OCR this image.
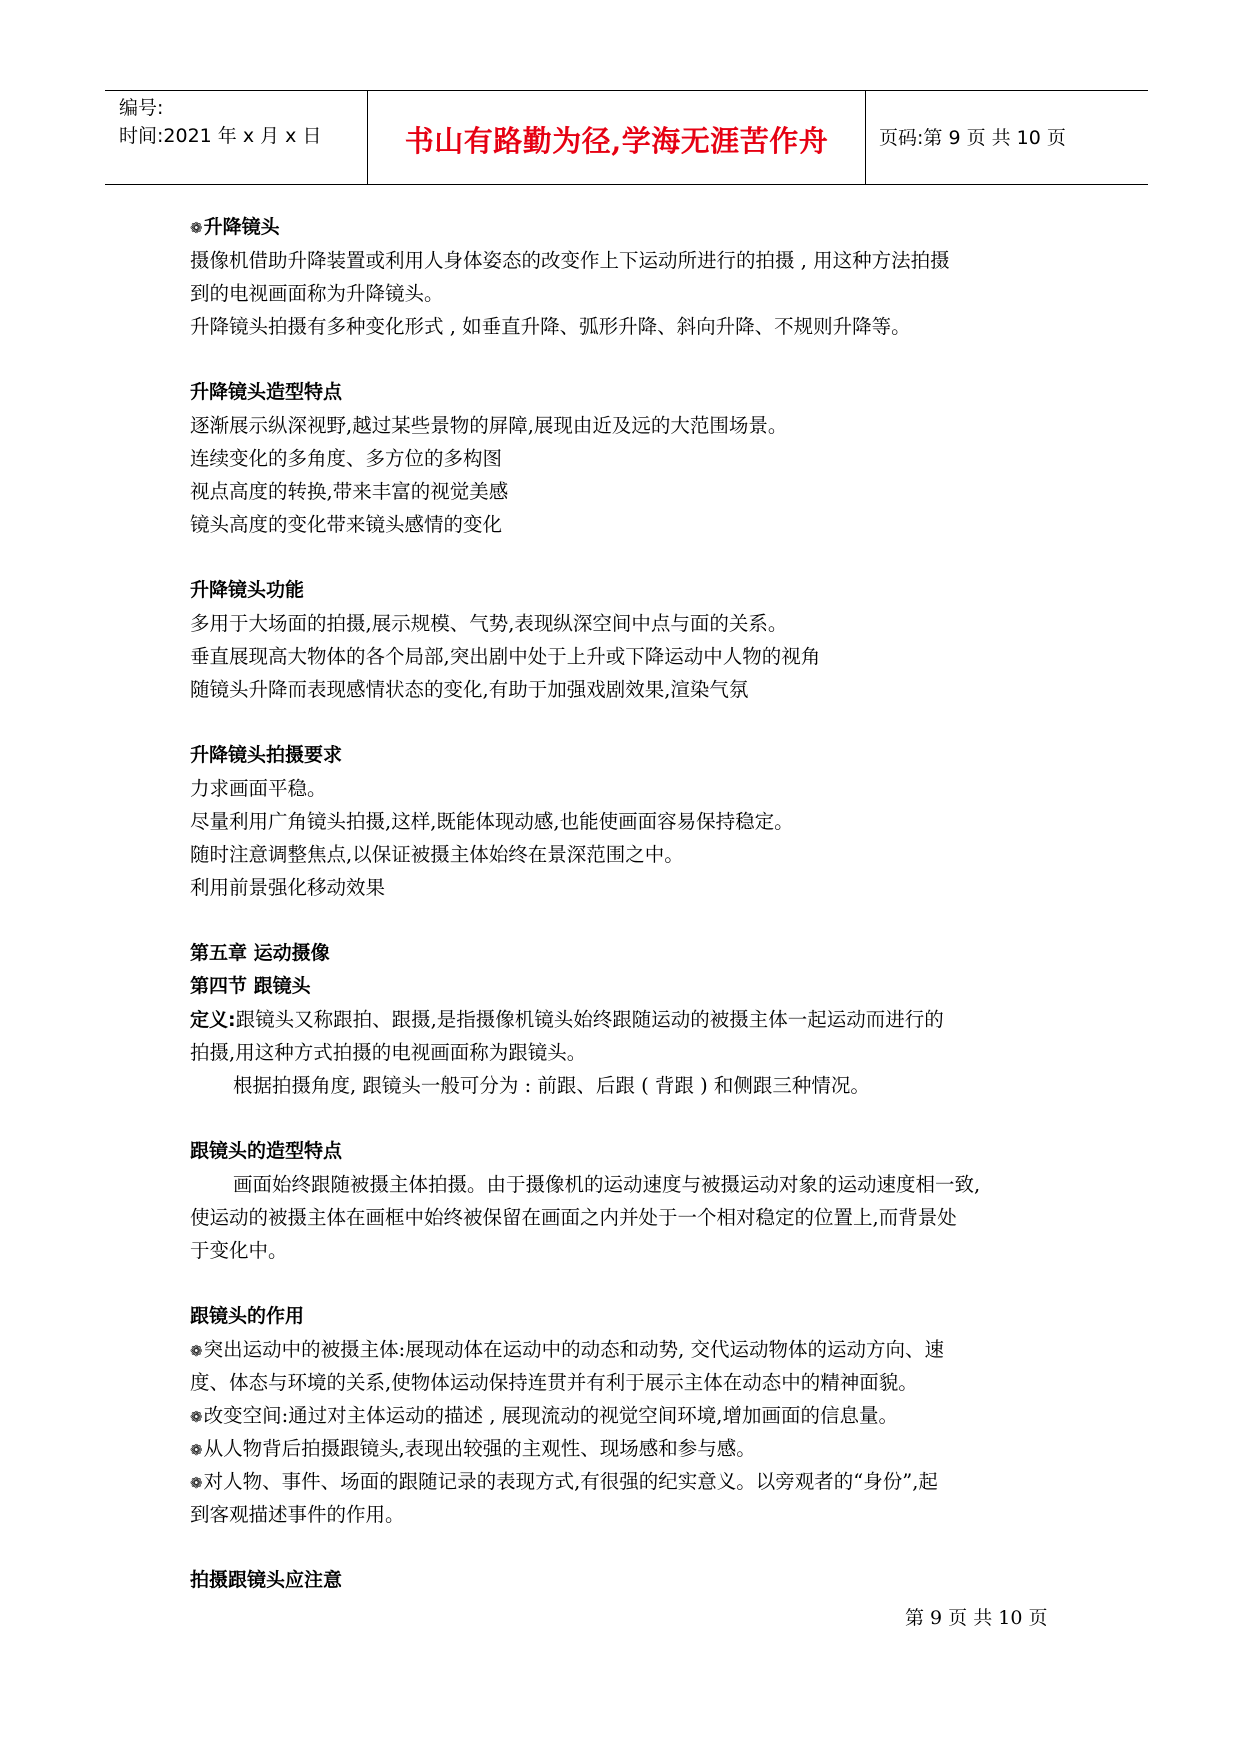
编号:
时间:2021 年 x 月 x 日	书山有路勤为径,学海无涯苦作舟	页码:第 9 页 共 10 页
❁升降镜头
摄像机借助升降装置或利用人身体姿态的改变作上下运动所进行的拍摄 , 用这种方法拍摄
到的电视画面称为升降镜头。
升降镜头拍摄有多种变化形式 , 如垂直升降、弧形升降、斜向升降、不规则升降等。
升降镜头造型特点
逐渐展示纵深视野,越过某些景物的屏障,展现由近及远的大范围场景。
连续变化的多角度、多方位的多构图
视点高度的转换,带来丰富的视觉美感
镜头高度的变化带来镜头感情的变化
升降镜头功能
多用于大场面的拍摄,展示规模、气势,表现纵深空间中点与面的关系。
垂直展现高大物体的各个局部,突出剧中处于上升或下降运动中人物的视角
随镜头升降而表现感情状态的变化,有助于加强戏剧效果,渲染气氛
升降镜头拍摄要求
力求画面平稳。
尽量利用广角镜头拍摄,这样,既能体现动感,也能使画面容易保持稳定。
随时注意调整焦点,以保证被摄主体始终在景深范围之中。
利用前景强化移动效果
第五章 运动摄像
第四节 跟镜头
定义:跟镜头又称跟拍、跟摄,是指摄像机镜头始终跟随运动的被摄主体一起运动而进行的
拍摄,用这种方式拍摄的电视画面称为跟镜头。
根据拍摄角度, 跟镜头一般可分为 : 前跟、后跟 ( 背跟 ) 和侧跟三种情况。
跟镜头的造型特点
画面始终跟随被摄主体拍摄。由于摄像机的运动速度与被摄运动对象的运动速度相一致,
使运动的被摄主体在画框中始终被保留在画面之内并处于一个相对稳定的位置上,而背景处
于变化中。
跟镜头的作用
❁突出运动中的被摄主体:展现动体在运动中的动态和动势, 交代运动物体的运动方向、速
度、体态与环境的关系,使物体运动保持连贯并有利于展示主体在动态中的精神面貌。
❁改变空间:通过对主体运动的描述 , 展现流动的视觉空间环境,增加画面的信息量。
❁从人物背后拍摄跟镜头,表现出较强的主观性、现场感和参与感。
❁对人物、事件、场面的跟随记录的表现方式,有很强的纪实意义。以旁观者的“身份”,起
到客观描述事件的作用。
拍摄跟镜头应注意
第 9 页 共 10 页
